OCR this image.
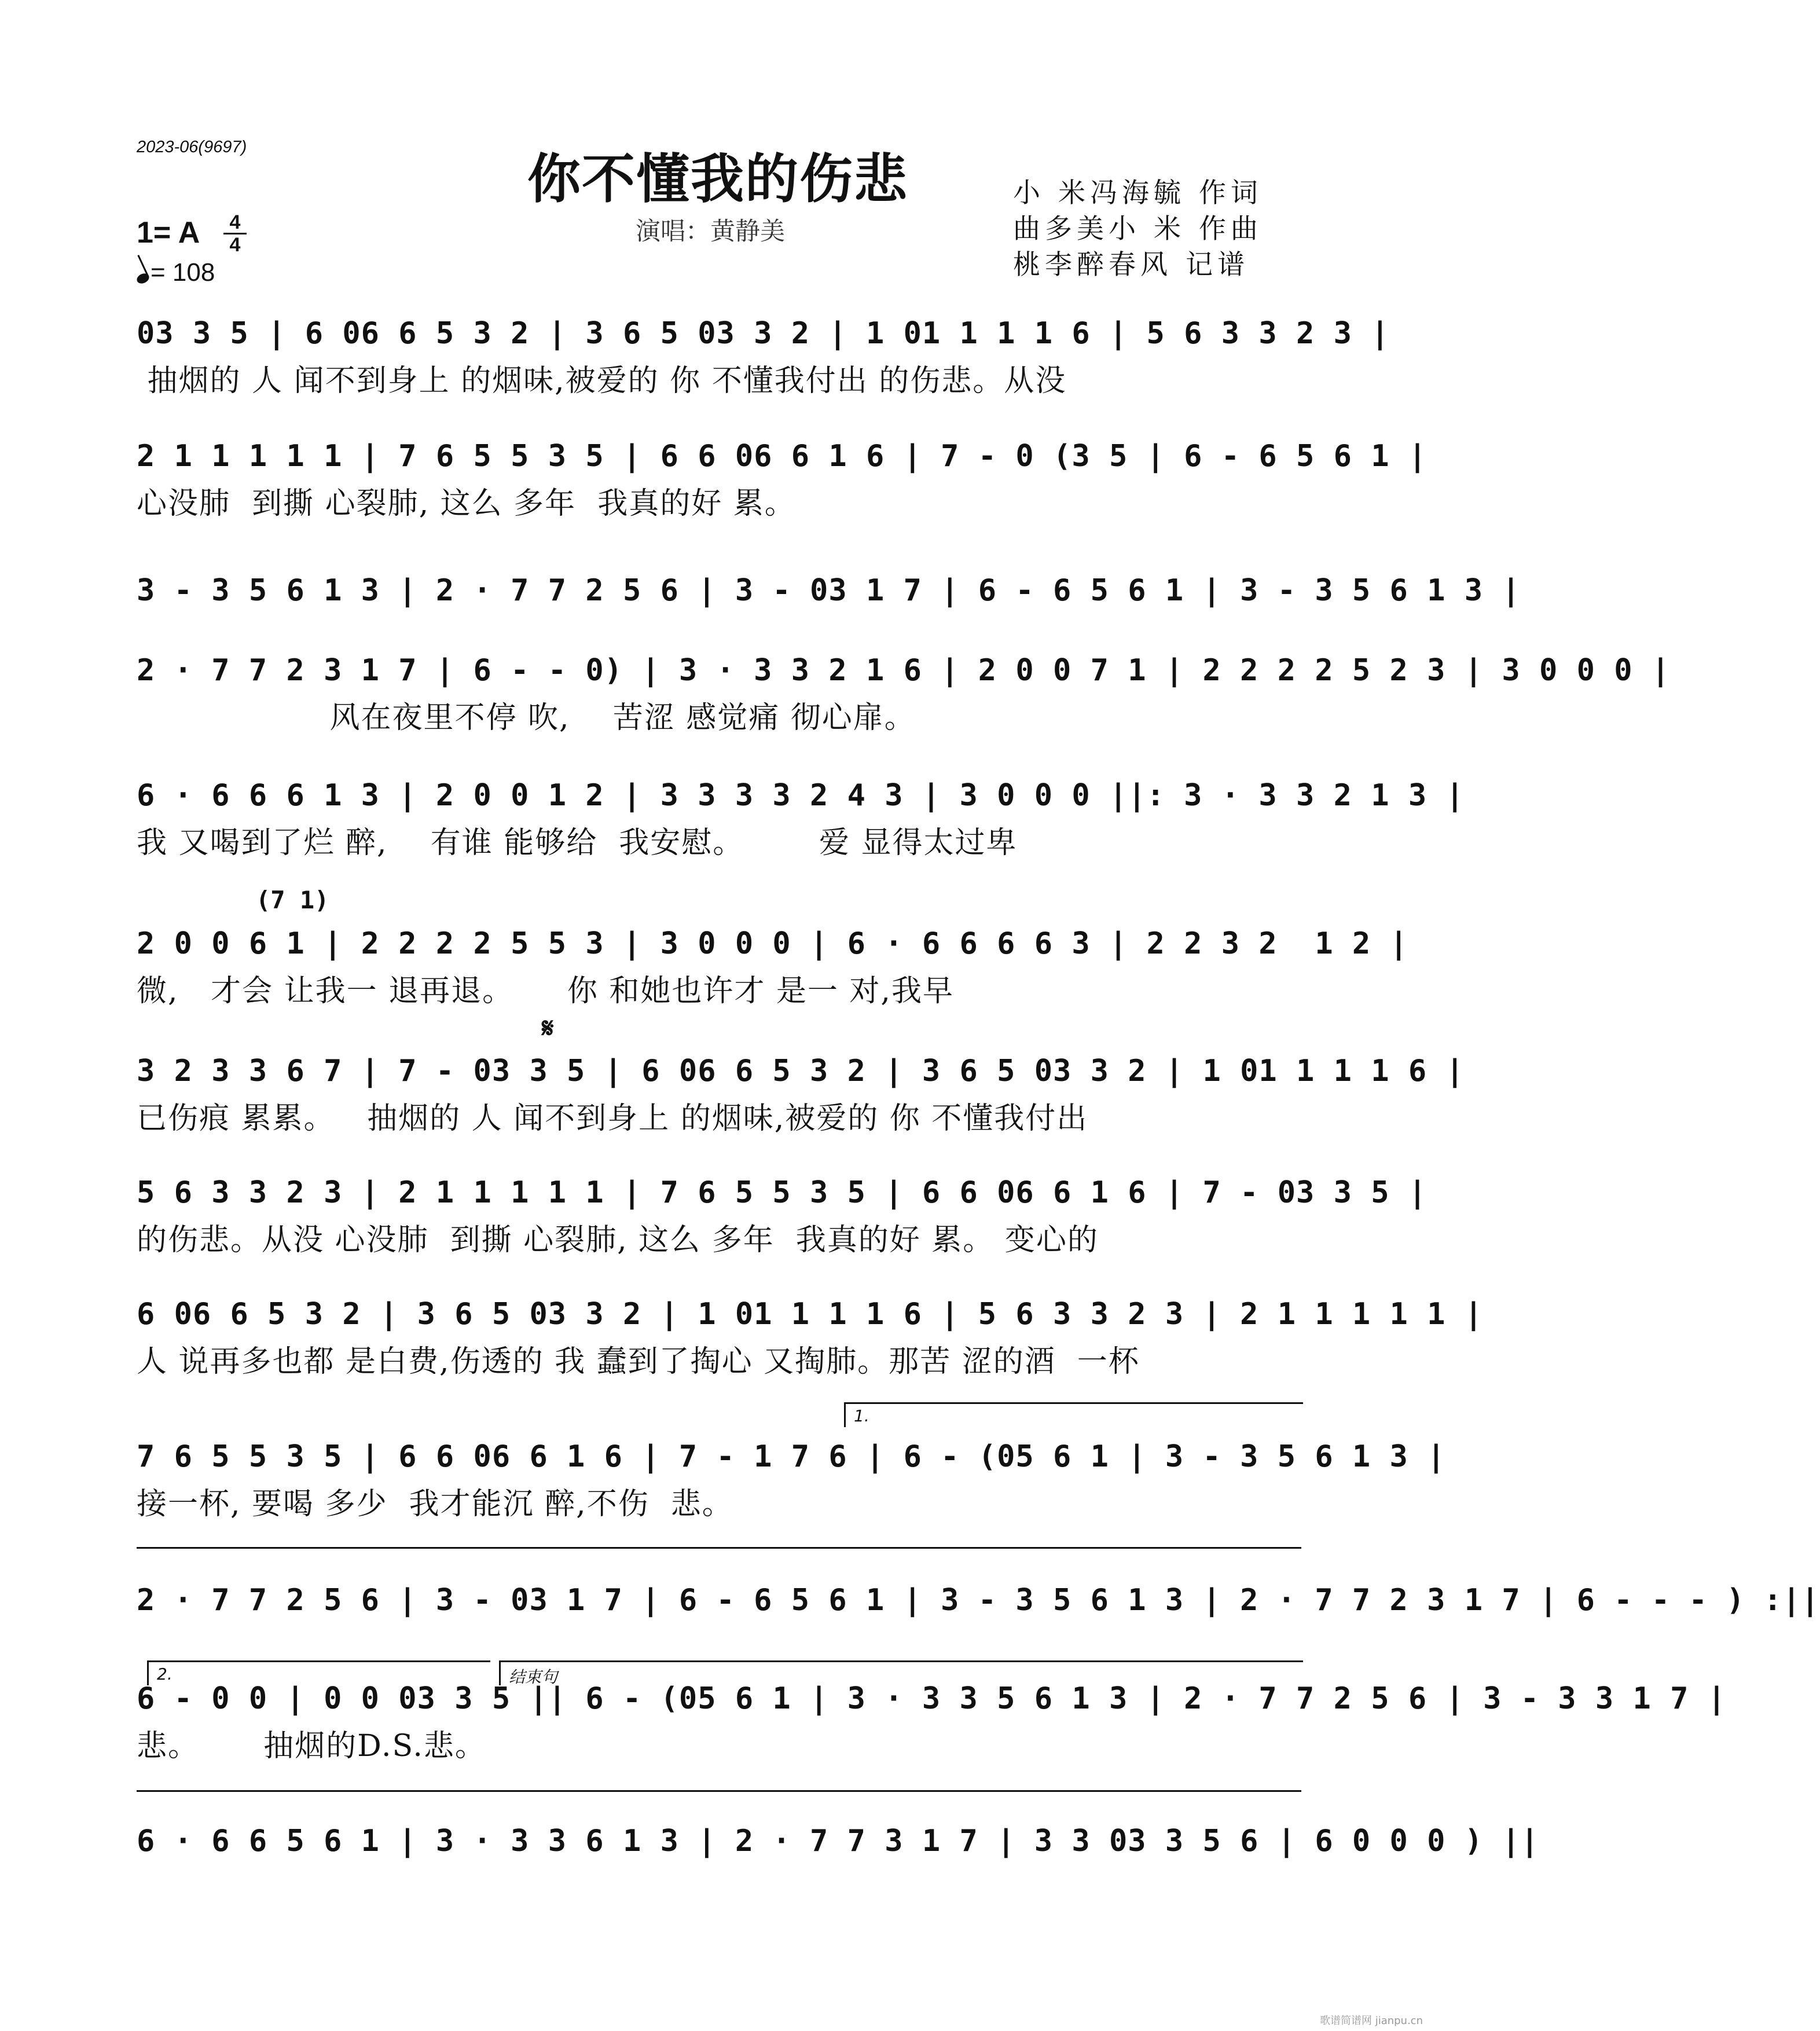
2023-06(9697)
你不懂我的伤悲
演唱：黄静美
小 米冯海毓 作词
曲多美小 米 作曲
桃李醉春风 记谱
1= A	4
4
= 108
03 3 5 | 6 06 6 5 3 2 | 3 6 5 03 3 2 | 1 01 1 1 1 6 | 5 6 3 3 2 3 |
抽烟的 人 闻不到身上 的烟味,被爱的 你 不懂我付出 的伤悲。从没
2 1 1 1 1 1 | 7 6 5 5 3 5 | 6 6 06 6 1 6 | 7 - 0 (3 5 | 6 - 6 5 6 1 |
心没肺  到撕 心裂肺, 这么 多年  我真的好 累。
3 - 3 5 6 1 3 | 2 · 7 7 2 5 6 | 3 - 03 1 7 | 6 - 6 5 6 1 | 3 - 3 5 6 1 3 |
2 · 7 7 2 3 1 7 | 6 - - 0) | 3 · 3 3 2 1 6 | 2 0 0 7 1 | 2 2 2 2 5 2 3 | 3 0 0 0 |
风在夜里不停 吹,    苦涩 感觉痛 彻心扉。
6 · 6 6 6 1 3 | 2 0 0 1 2 | 3 3 3 3 2 4 3 | 3 0 0 0 ||: 3 · 3 3 2 1 3 |
我 又喝到了烂 醉,    有谁 能够给  我安慰。       爱 显得太过卑
(7 1)
2 0 0 6 1 | 2 2 2 2 5 5 3 | 3 0 0 0 | 6 · 6 6 6 6 3 | 2 2 3 2  1 2 |
微,   才会 让我一 退再退。     你 和她也许才 是一 对,我早
𝄋
3 2 3 3 6 7 | 7 - 03 3 5 | 6 06 6 5 3 2 | 3 6 5 03 3 2 | 1 01 1 1 1 6 |
已伤痕 累累。   抽烟的 人 闻不到身上 的烟味,被爱的 你 不懂我付出
5 6 3 3 2 3 | 2 1 1 1 1 1 | 7 6 5 5 3 5 | 6 6 06 6 1 6 | 7 - 03 3 5 |
的伤悲。从没 心没肺  到撕 心裂肺, 这么 多年  我真的好 累。 变心的
6 06 6 5 3 2 | 3 6 5 03 3 2 | 1 01 1 1 1 6 | 5 6 3 3 2 3 | 2 1 1 1 1 1 |
人 说再多也都 是白费,伤透的 我 蠢到了掏心 又掏肺。那苦 涩的酒  一杯
1.
7 6 5 5 3 5 | 6 6 06 6 1 6 | 7 - 1 7 6 | 6 - (05 6 1 | 3 - 3 5 6 1 3 |
接一杯, 要喝 多少  我才能沉 醉,不伤  悲。
2 · 7 7 2 5 6 | 3 - 03 1 7 | 6 - 6 5 6 1 | 3 - 3 5 6 1 3 | 2 · 7 7 2 3 1 7 | 6 - - - ) :||
2.	结束句
6 - 0 0 | 0 0 03 3 5 || 6 - (05 6 1 | 3 · 3 3 5 6 1 3 | 2 · 7 7 2 5 6 | 3 - 3 3 1 7 |
悲。      抽烟的D.S.悲。
6 · 6 6 5 6 1 | 3 · 3 3 6 1 3 | 2 · 7 7 3 1 7 | 3 3 03 3 5 6 | 6 0 0 0 ) ||
歌谱简谱网 jianpu.cn
